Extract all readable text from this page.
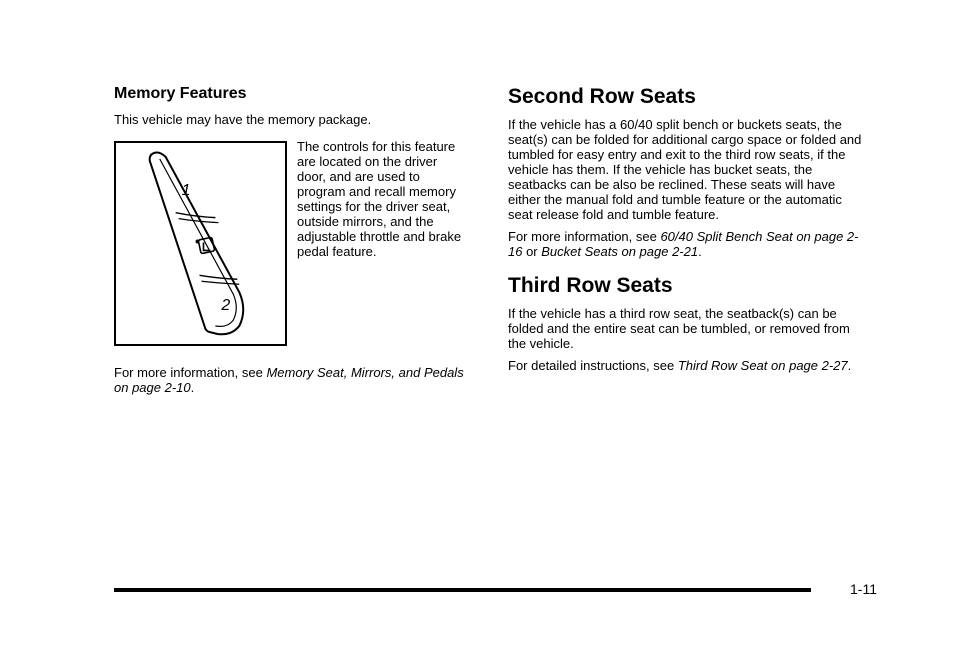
Memory Features

This vehicle may have the memory package.

1
2

The controls for this feature are located on the driver door, and are used to program and recall memory settings for the driver seat, outside mirrors, and the adjustable throttle and brake pedal feature.

For more information, see Memory Seat, Mirrors, and Pedals on page 2-10.

Second Row Seats

If the vehicle has a 60/40 split bench or buckets seats, the seat(s) can be folded for additional cargo space or folded and tumbled for easy entry and exit to the third row seats, if the vehicle has them. If the vehicle has bucket seats, the seatbacks can be also be reclined. These seats will have either the manual fold and tumble feature or the automatic seat release fold and tumble feature.

For more information, see 60/40 Split Bench Seat on page 2-16 or Bucket Seats on page 2-21.

Third Row Seats

If the vehicle has a third row seat, the seatback(s) can be folded and the entire seat can be tumbled, or removed from the vehicle.

For detailed instructions, see Third Row Seat on page 2-27.

1-11
